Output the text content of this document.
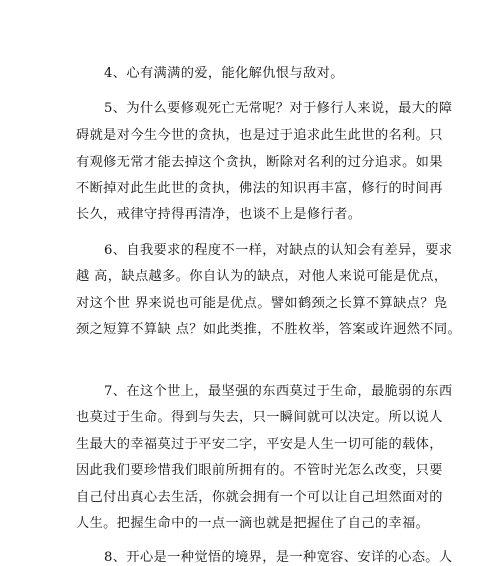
4、心有满满的爱，能化解仇恨与敌对。
5、为什么要修观死亡无常呢？对于修行人来说，最大的障
碍就是对今生今世的贪执，也是过于追求此生此世的名利。只
有观修无常才能去掉这个贪执，断除对名利的过分追求。如果
不断掉对此生此世的贪执，佛法的知识再丰富，修行的时间再
长久，戒律守持得再清净，也谈不上是修行者。
6、自我要求的程度不一样，对缺点的认知会有差异，要求
越 高，缺点越多。你自认为的缺点，对他人来说可能是优点，
对这个世 界来说也可能是优点。譬如鹤颈之长算不算缺点？凫
颈之短算不算缺 点？如此类推，不胜枚举，答案或许迥然不同。
7、在这个世上，最坚强的东西莫过于生命，最脆弱的东西
也莫过于生命。得到与失去，只一瞬间就可以决定。所以说人
生最大的幸福莫过于平安二字，平安是人生一切可能的载体，
因此我们要珍惜我们眼前所拥有的。不管时光怎么改变，只要
自己付出真心去生活，你就会拥有一个可以让自己坦然面对的
人生。把握生命中的一点一滴也就是把握住了自己的幸福。
8、开心是一种觉悟的境界，是一种宽容、安详的心态。人
